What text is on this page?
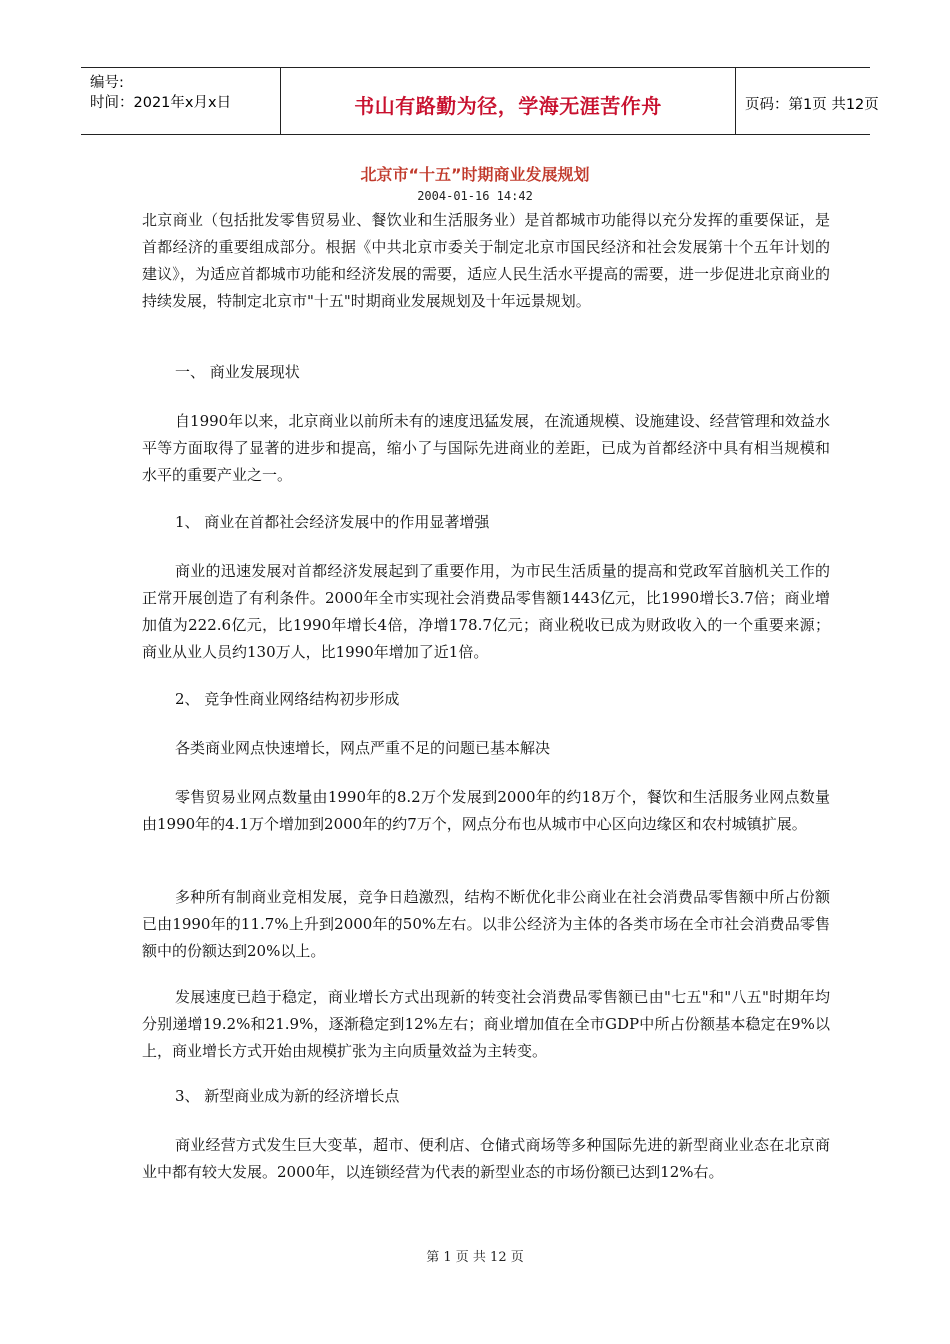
编号:
时间：2021年x月x日	书山有路勤为径，学海无涯苦作舟	页码：第1页 共12页
北京市“十五”时期商业发展规划
2004-01-16 14:42

北京商业（包括批发零售贸易业、餐饮业和生活服务业）是首都城市功能得以充分发挥的重要保证，是首都经济的重要组成部分。根据《中共北京市委关于制定北京市国民经济和社会发展第十个五年计划的建议》，为适应首都城市功能和经济发展的需要，适应人民生活水平提高的需要，进一步促进北京商业的持续发展，特制定北京市"十五"时期商业发展规划及十年远景规划。

一、 商业发展现状

自1990年以来，北京商业以前所未有的速度迅猛发展，在流通规模、设施建设、经营管理和效益水平等方面取得了显著的进步和提高，缩小了与国际先进商业的差距，已成为首都经济中具有相当规模和水平的重要产业之一。

1、 商业在首都社会经济发展中的作用显著增强

商业的迅速发展对首都经济发展起到了重要作用，为市民生活质量的提高和党政军首脑机关工作的正常开展创造了有利条件。2000年全市实现社会消费品零售额1443亿元，比1990增长3.7倍；商业增加值为222.6亿元，比1990年增长4倍，净增178.7亿元；商业税收已成为财政收入的一个重要来源；商业从业人员约130万人，比1990年增加了近1倍。

2、 竞争性商业网络结构初步形成

各类商业网点快速增长，网点严重不足的问题已基本解决

零售贸易业网点数量由1990年的8.2万个发展到2000年的约18万个，餐饮和生活服务业网点数量由1990年的4.1万个增加到2000年的约7万个，网点分布也从城市中心区向边缘区和农村城镇扩展。

多种所有制商业竞相发展，竞争日趋激烈，结构不断优化非公商业在社会消费品零售额中所占份额已由1990年的11.7%上升到2000年的50%左右。以非公经济为主体的各类市场在全市社会消费品零售额中的份额达到20%以上。

发展速度已趋于稳定，商业增长方式出现新的转变社会消费品零售额已由"七五"和"八五"时期年均分别递增19.2%和21.9%，逐渐稳定到12%左右；商业增加值在全市GDP中所占份额基本稳定在9%以上，商业增长方式开始由规模扩张为主向质量效益为主转变。

3、 新型商业成为新的经济增长点

商业经营方式发生巨大变革，超市、便利店、仓储式商场等多种国际先进的新型商业业态在北京商业中都有较大发展。2000年，以连锁经营为代表的新型业态的市场份额已达到12%右。

第 1 页 共 12 页
